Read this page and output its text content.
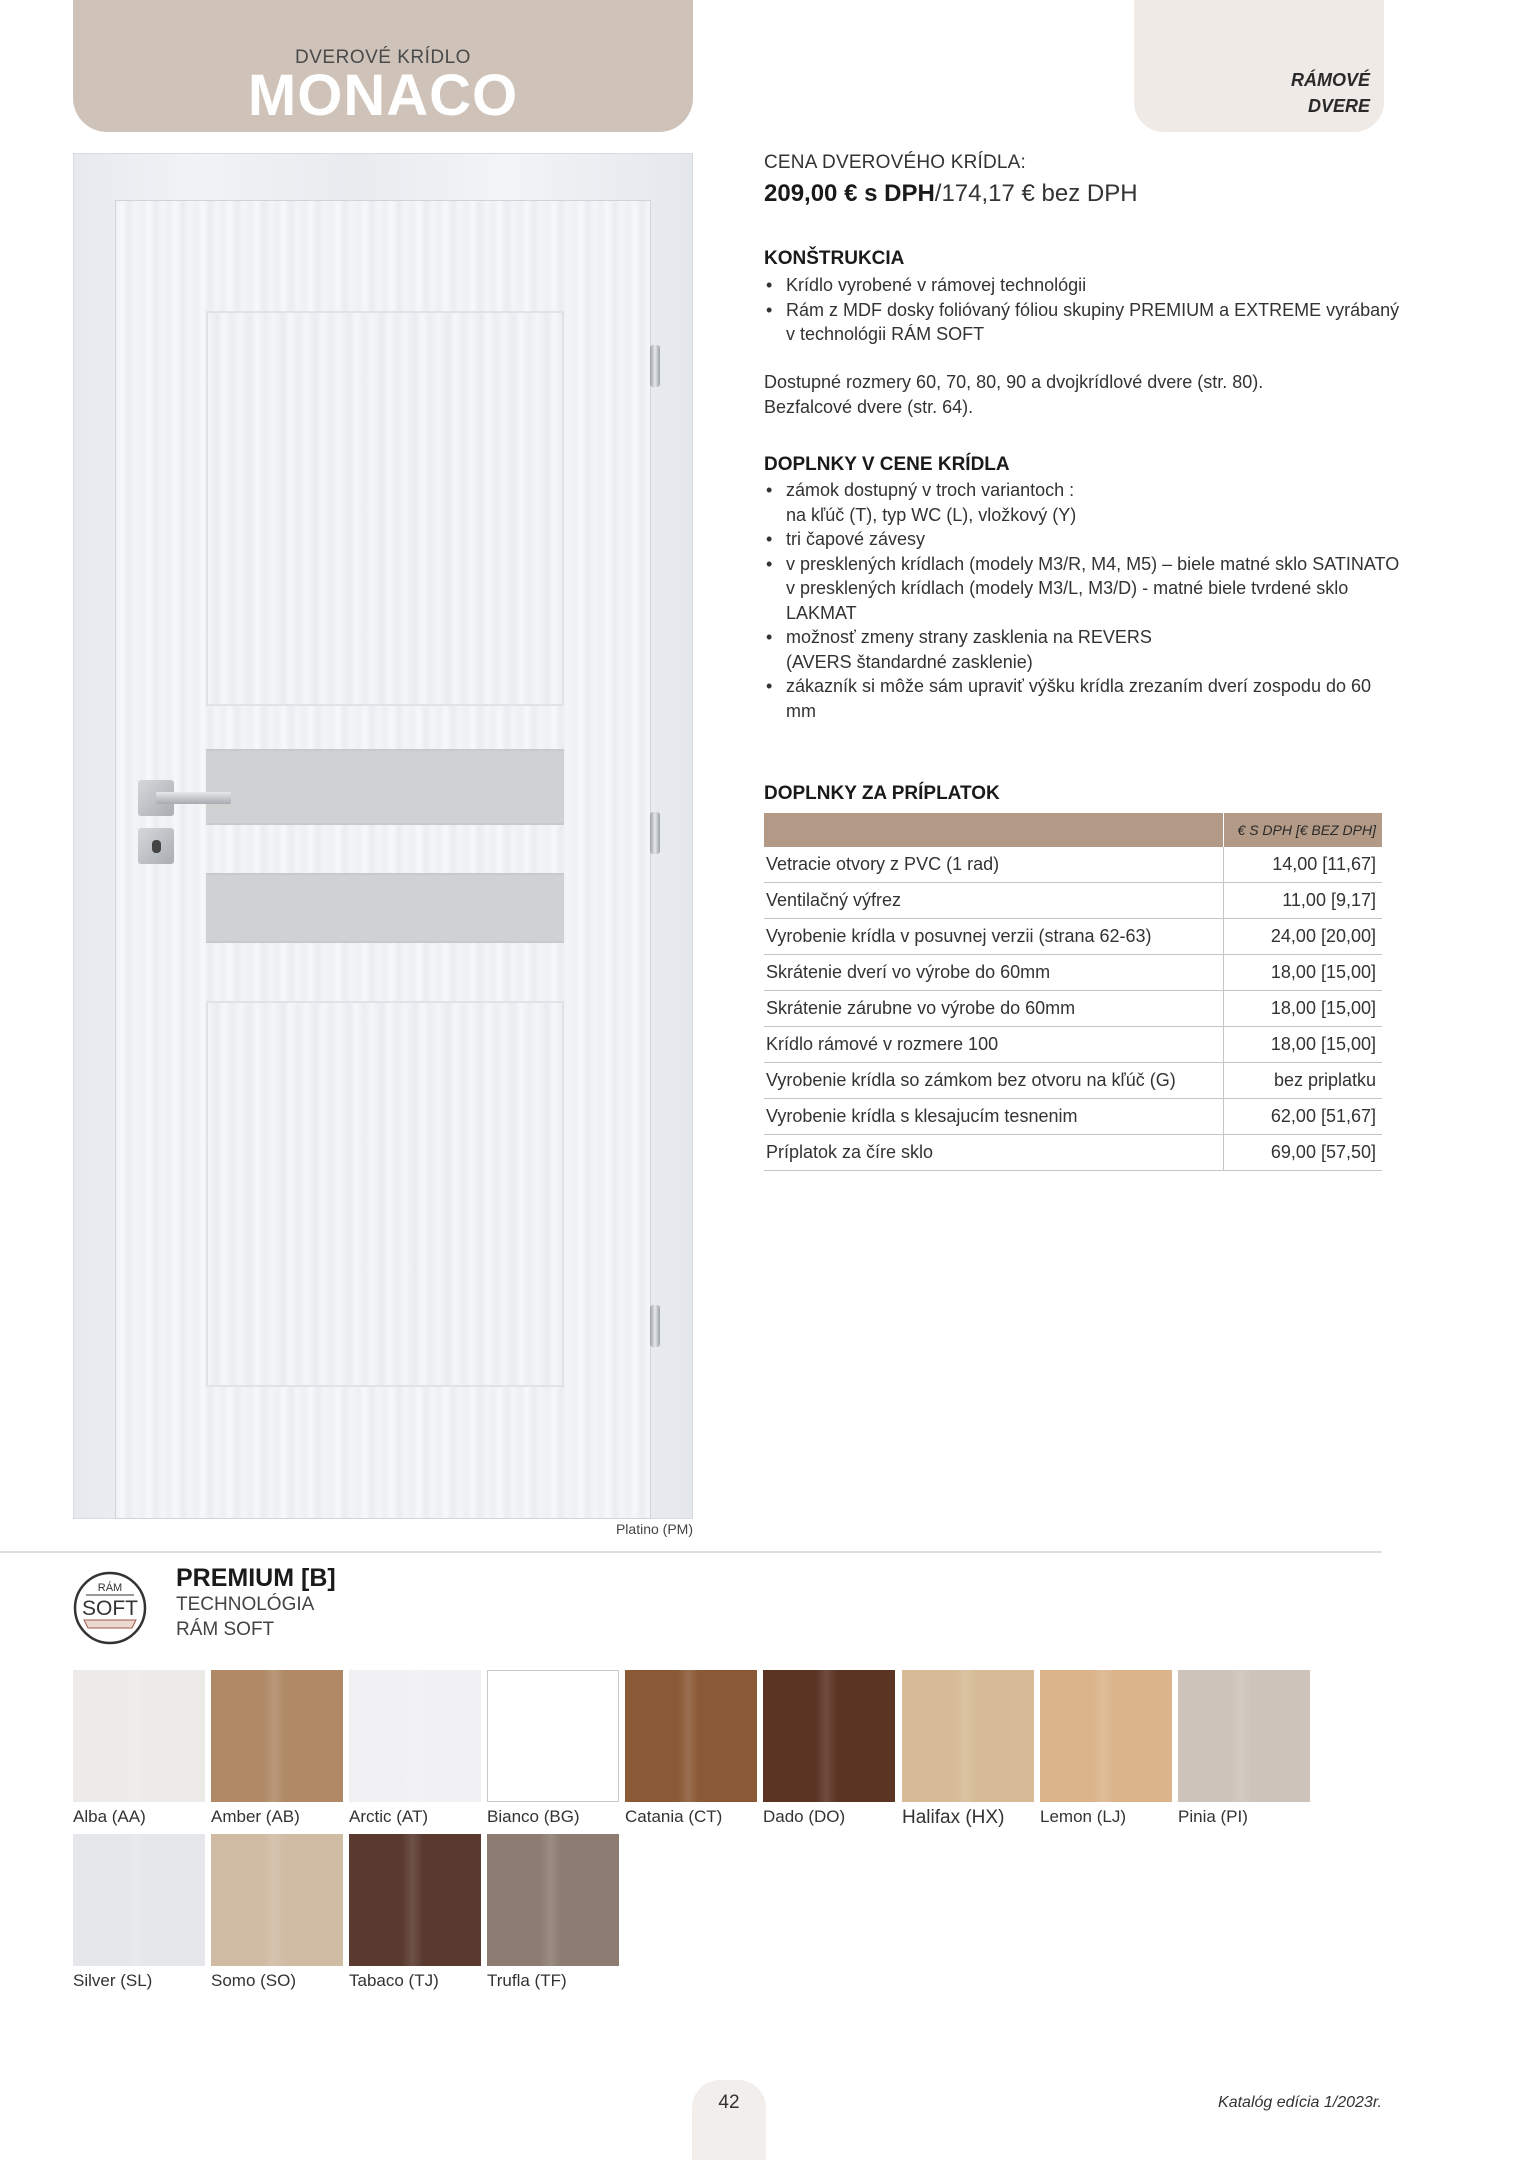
DVEROVÉ KRÍDLO
MONACO	RÁMOVÉ
DVERE
Platino (PM)
CENA DVEROVÉHO KRÍDLA:
209,00 € s DPH/174,17 € bez DPH
KONŠTRUKCIA
• Krídlo vyrobené v rámovej technológii
• Rám z MDF dosky folióvaný fóliou skupiny PREMIUM a EXTREME vyrábaný v technológii RÁM SOFT
Dostupné rozmery 60, 70, 80, 90 a dvojkrídlové dvere (str. 80).
Bezfalcové dvere (str. 64).
DOPLNKY V CENE KRÍDLA
• zámok dostupný v troch variantoch :
na kľúč (T), typ WC (L), vložkový (Y)
• tri čapové závesy
• v presklených krídlach (modely M3/R, M4, M5) – biele matné sklo SATINATO
v presklených krídlach (modely M3/L, M3/D) - matné biele tvrdené sklo LAKMAT
• možnosť zmeny strany zasklenia na REVERS
(AVERS štandardné zasklenie)
• zákazník si môže sám upraviť výšku krídla zrezaním dverí zospodu do 60 mm
DOPLNKY ZA PRÍPLATOK
	€ S DPH [€ BEZ DPH]
Vetracie otvory z PVC (1 rad)	14,00 [11,67]
Ventilačný výfrez	11,00 [9,17]
Vyrobenie krídla v posuvnej verzii (strana 62-63)	24,00 [20,00]
Skrátenie dverí vo výrobe do 60mm	18,00 [15,00]
Skrátenie zárubne vo výrobe do 60mm	18,00 [15,00]
Krídlo rámové v rozmere 100	18,00 [15,00]
Vyrobenie krídla so zámkom bez otvoru na kľúč (G)	bez priplatku
Vyrobenie krídla s klesajucím tesnenim	62,00 [51,67]
Príplatok za číre sklo	69,00 [57,50]
RÁM
SOFT
PREMIUM [B]
TECHNOLÓGIA
RÁM SOFT
Alba (AA)	Amber (AB)	Arctic (AT)	Bianco (BG)	Catania (CT) Dado (DO)	Halifax (HX) Lemon (LJ)	Pinia (PI)
Silver (SL)	Somo (SO)	Tabaco (TJ)	Trufla (TF)
42	Katalóg edícia 1/2023r.
